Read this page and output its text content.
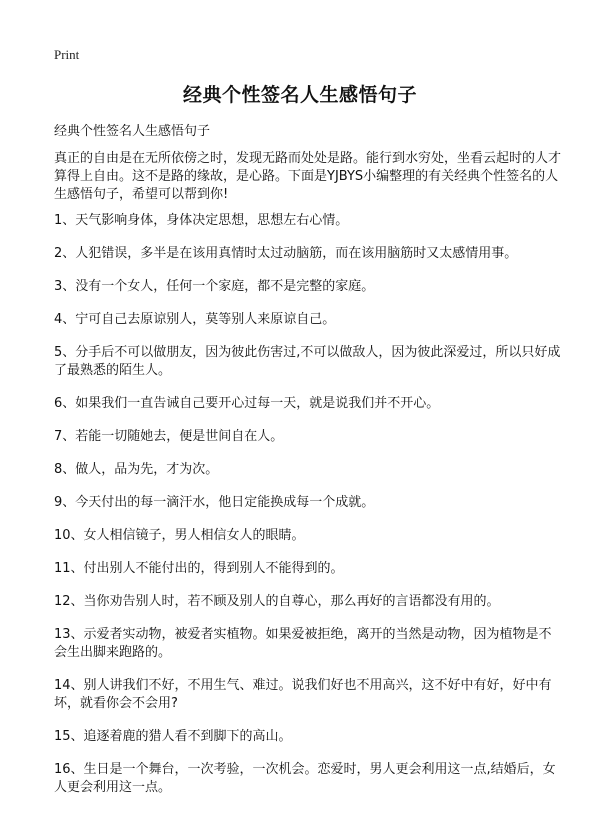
Print
经典个性签名人生感悟句子

经典个性签名人生感悟句子

真正的自由是在无所依傍之时，发现无路而处处是路。能行到水穷处，坐看云起时的人才算得上自由。这不是路的缘故，是心路。下面是YJBYS小编整理的有关经典个性签名的人生感悟句子，希望可以帮到你!

1、天气影响身体，身体决定思想，思想左右心情。
2、人犯错误，多半是在该用真情时太过动脑筋，而在该用脑筋时又太感情用事。
3、没有一个女人，任何一个家庭，都不是完整的家庭。
4、宁可自己去原谅别人，莫等别人来原谅自己。
5、分手后不可以做朋友，因为彼此伤害过,不可以做敌人，因为彼此深爱过，所以只好成了最熟悉的陌生人。
6、如果我们一直告诫自己要开心过每一天，就是说我们并不开心。
7、若能一切随她去，便是世间自在人。
8、做人，品为先，才为次。
9、今天付出的每一滴汗水，他日定能换成每一个成就。
10、女人相信镜子，男人相信女人的眼睛。
11、付出别人不能付出的，得到别人不能得到的。
12、当你劝告别人时，若不顾及别人的自尊心，那么再好的言语都没有用的。
13、示爱者实动物，被爱者实植物。如果爱被拒绝，离开的当然是动物，因为植物是不会生出脚来跑路的。
14、别人讲我们不好，不用生气、难过。说我们好也不用高兴，这不好中有好，好中有坏，就看你会不会用?
15、追逐着鹿的猎人看不到脚下的高山。
16、生日是一个舞台，一次考验，一次机会。恋爱时，男人更会利用这一点,结婚后，女人更会利用这一点。
